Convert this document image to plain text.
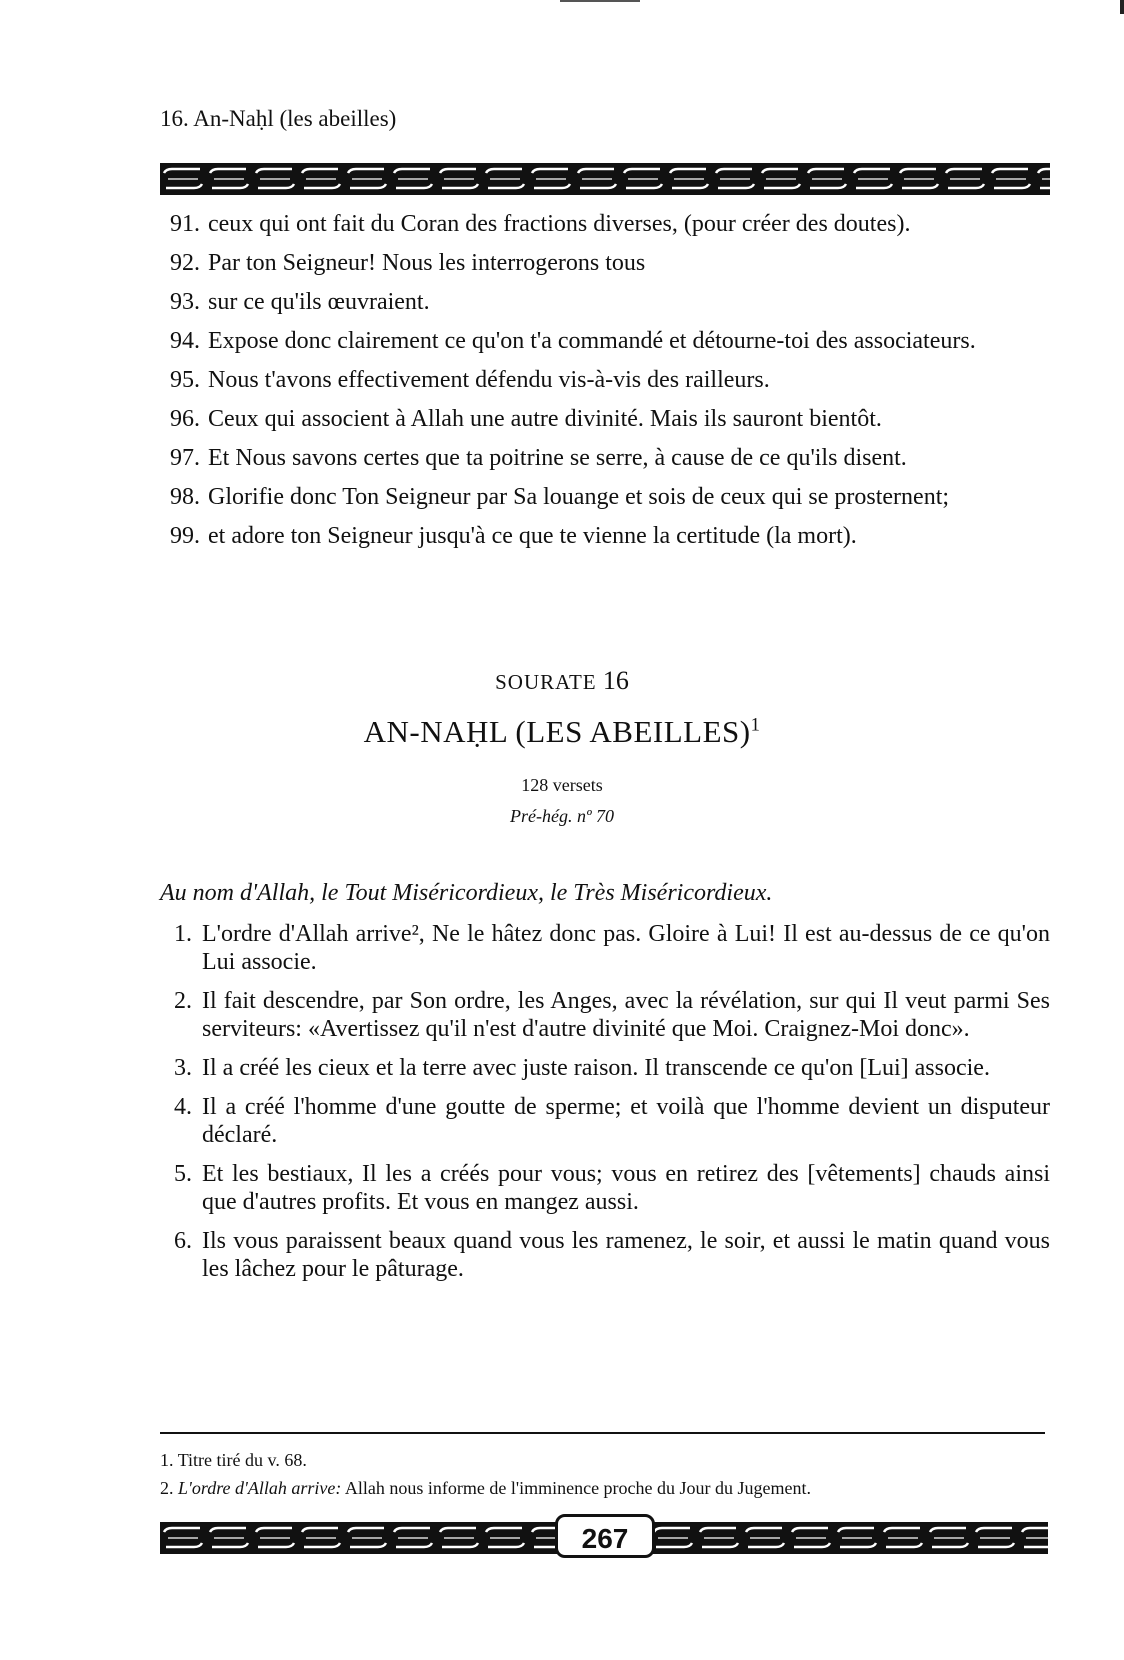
16. An-Naḥl (les abeilles)
91. ceux qui ont fait du Coran des fractions diverses, (pour créer des doutes).
92. Par ton Seigneur! Nous les interrogerons tous
93. sur ce qu'ils œuvraient.
94. Expose donc clairement ce qu'on t'a commandé et détourne-toi des associateurs.
95. Nous t'avons effectivement défendu vis-à-vis des railleurs.
96. Ceux qui associent à Allah une autre divinité. Mais ils sauront bientôt.
97. Et Nous savons certes que ta poitrine se serre, à cause de ce qu'ils disent.
98. Glorifie donc Ton Seigneur par Sa louange et sois de ceux qui se prosternent;
99. et adore ton Seigneur jusqu'à ce que te vienne la certitude (la mort).
SOURATE 16
AN-NAḤL (LES ABEILLES)$^1$
128 versets
Pré-hég. nº 70
Au nom d'Allah, le Tout Miséricordieux, le Très Miséricordieux.
1. L'ordre d'Allah arrive², Ne le hâtez donc pas. Gloire à Lui! Il est au-dessus de ce qu'on Lui associe.
2. Il fait descendre, par Son ordre, les Anges, avec la révélation, sur qui Il veut parmi Ses serviteurs: «Avertissez qu'il n'est d'autre divinité que Moi. Craignez-Moi donc».
3. Il a créé les cieux et la terre avec juste raison. Il transcende ce qu'on [Lui] associe.
4. Il a créé l'homme d'une goutte de sperme; et voilà que l'homme devient un disputeur déclaré.
5. Et les bestiaux, Il les a créés pour vous; vous en retirez des [vêtements] chauds ainsi que d'autres profits. Et vous en mangez aussi.
6. Ils vous paraissent beaux quand vous les ramenez, le soir, et aussi le matin quand vous les lâchez pour le pâturage.
1. Titre tiré du v. 68.
2. L'ordre d'Allah arrive: Allah nous informe de l'imminence proche du Jour du Jugement.
267
